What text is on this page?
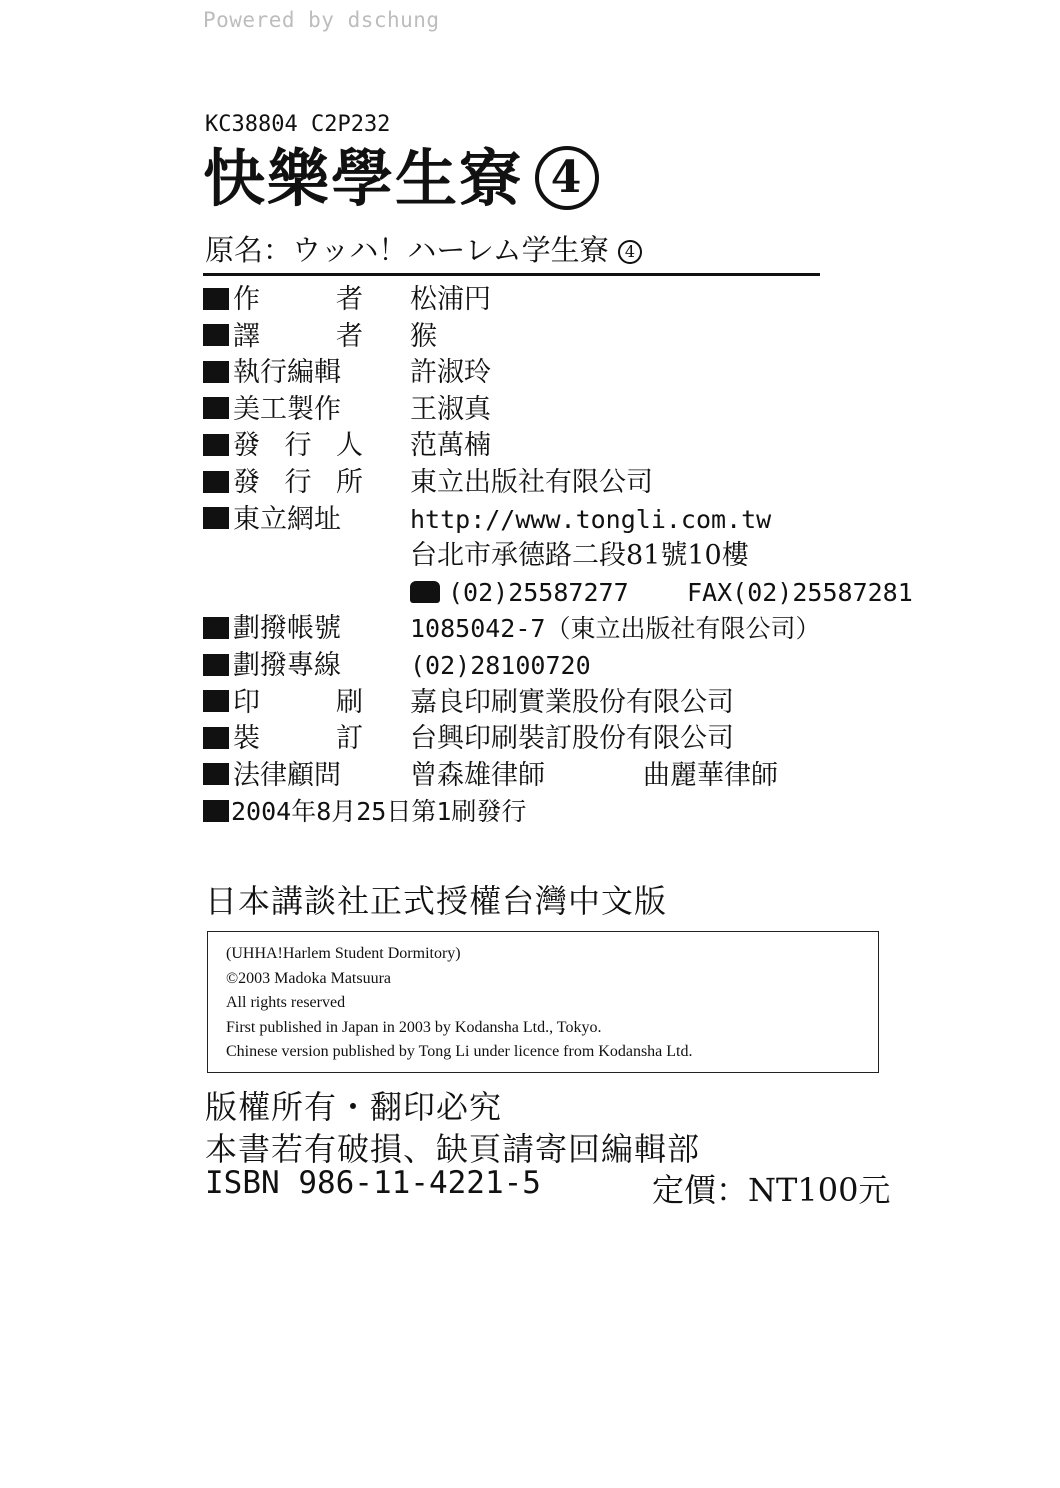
Powered by dschung
KC38804 C2P232
快樂學生寮 4
原名：ウッハ！ハーレム学生寮 4
作	者 松浦円
譯	者 猴
執行編輯	許淑玲
美工製作	王淑真
發 行 人 范萬楠
發 行 所 東立出版社有限公司
東立網址	http://www.tongli.com.tw
台北市承德路二段81號10樓
(02)25587277 FAX(02)25587281
劃撥帳號	1085042-7（東立出版社有限公司）
劃撥專線	(02)28100720
印	刷 嘉良印刷實業股份有限公司
裝	訂 台興印刷裝訂股份有限公司
法律顧問	曾森雄律師	曲麗華律師
2004年8月25日第1刷發行
日本講談社正式授權台灣中文版
(UHHA!Harlem Student Dormitory)
©2003 Madoka Matsuura
All rights reserved
First published in Japan in 2003 by Kodansha Ltd., Tokyo.
Chinese version published by Tong Li under licence from Kodansha Ltd.
版權所有・翻印必究
本書若有破損、缺頁請寄回編輯部
ISBN 986-11-4221-5	定價：NT100元
